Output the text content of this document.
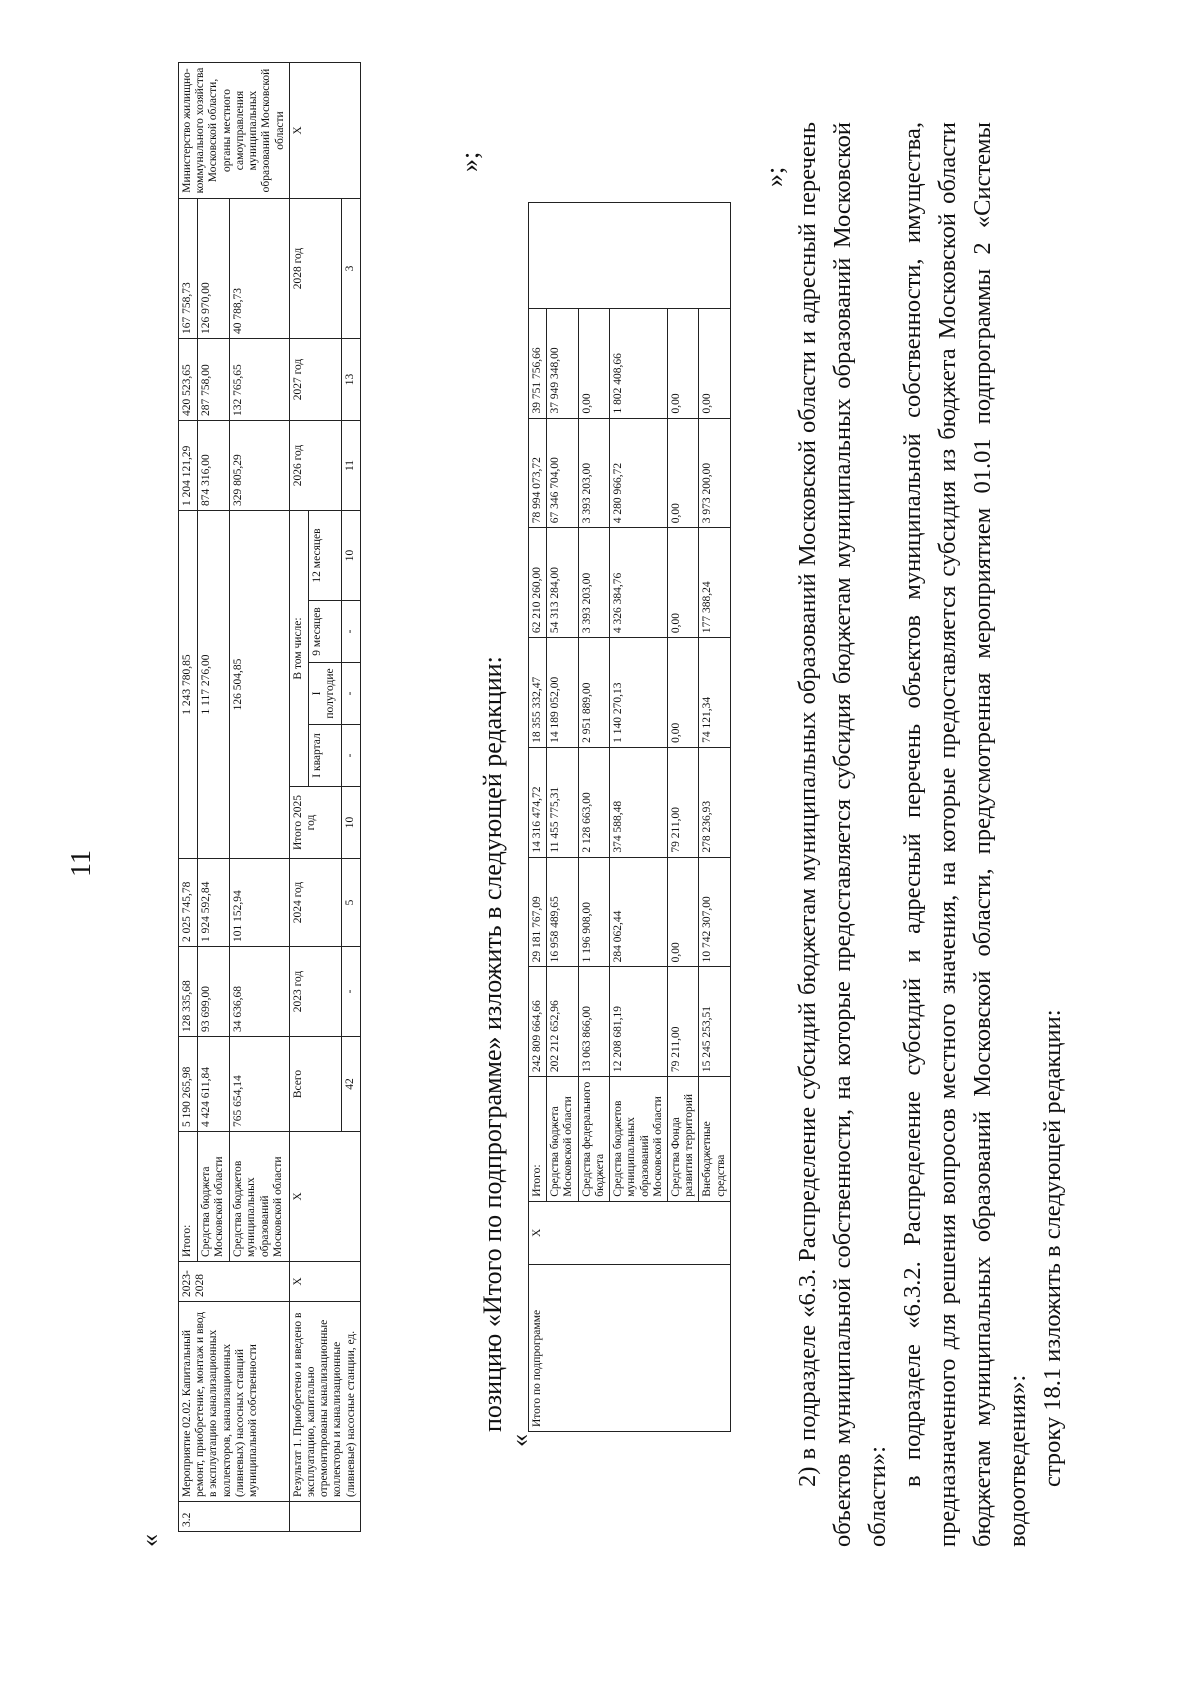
11
«
3.2	Мероприятие 02.02. Капитальный ремонт, приобретение, монтаж и ввод в эксплуатацию канализационных коллекторов, канализационных (ливневых) насосных станций муниципальной собственности	2023-2028	Итого:	5 190 265,98	128 335,68	2 025 745,78	1 243 780,85					1 204 121,29	420 523,65	167 758,73	Министерство жилищно-коммунального хозяйства Московской области, органы местного самоуправления муниципальных образований Московской области
			Средства бюджета Московской области	4 424 611,84	93 699,00	1 924 592,84	1 117 276,00					874 316,00	287 758,00	126 970,00	
			Средства бюджетов муниципальных образований Московской области	765 654,14	34 636,68	101 152,94	126 504,85					329 805,29	132 765,65	40 788,73	
	Результат 1. Приобретено и введено в эксплуатацию, капитально отремонтированы канализационные коллекторы и канализационные (ливневые) насосные станции, ед.	X	X	Всего	2023 год	2024 год	Итого 2025 год	В том числе:				2026 год	2027 год	2028 год	X
								I квартал	I полугодие	9 месяцев	12 месяцев				
				42	-	5	10	-	-	-	10	11	13	3	
»;
позицию «Итого по подпрограмме» изложить в следующей редакции:
«
Итого по подпрограмме	X	Итого:	242 809 664,66	29 181 767,09	14 316 474,72	18 355 332,47	62 210 260,00	78 994 073,72	39 751 756,66	
		Средства бюджета Московской области	202 212 652,96	16 958 489,65	11 455 775,31	14 189 052,00	54 313 284,00	67 346 704,00	37 949 348,00	
		Средства федерального бюджета	13 063 866,00	1 196 908,00	2 128 663,00	2 951 889,00	3 393 203,00	3 393 203,00	0,00	
		Средства бюджетов муниципальных образований Московской области	12 208 681,19	284 062,44	374 588,48	1 140 270,13	4 326 384,76	4 280 966,72	1 802 408,66	
		Средства Фонда развития территорий	79 211,00	0,00	79 211,00	0,00	0,00	0,00	0,00	
		Внебюджетные средства	15 245 253,51	10 742 307,00	278 236,93	74 121,34	177 388,24	3 973 200,00	0,00	
»; 2) в подразделе «6.3. Распределение субсидий бюджетам муниципальных образований Московской области и адресный перечень объектов муниципальной собственности, на которые предоставляется субсидия бюджетам муниципальных образований Московской области»:
в подразделе «6.3.2. Распределение субсидий и адресный перечень объектов муниципальной собственности, имущества, предназначенного для решения вопросов местного значения, на которые предоставляется субсидия из бюджета Московской области бюджетам муниципальных образований Московской области, предусмотренная мероприятием 01.01 подпрограммы 2 «Системы водоотведения»: строку 18.1 изложить в следующей редакции:
